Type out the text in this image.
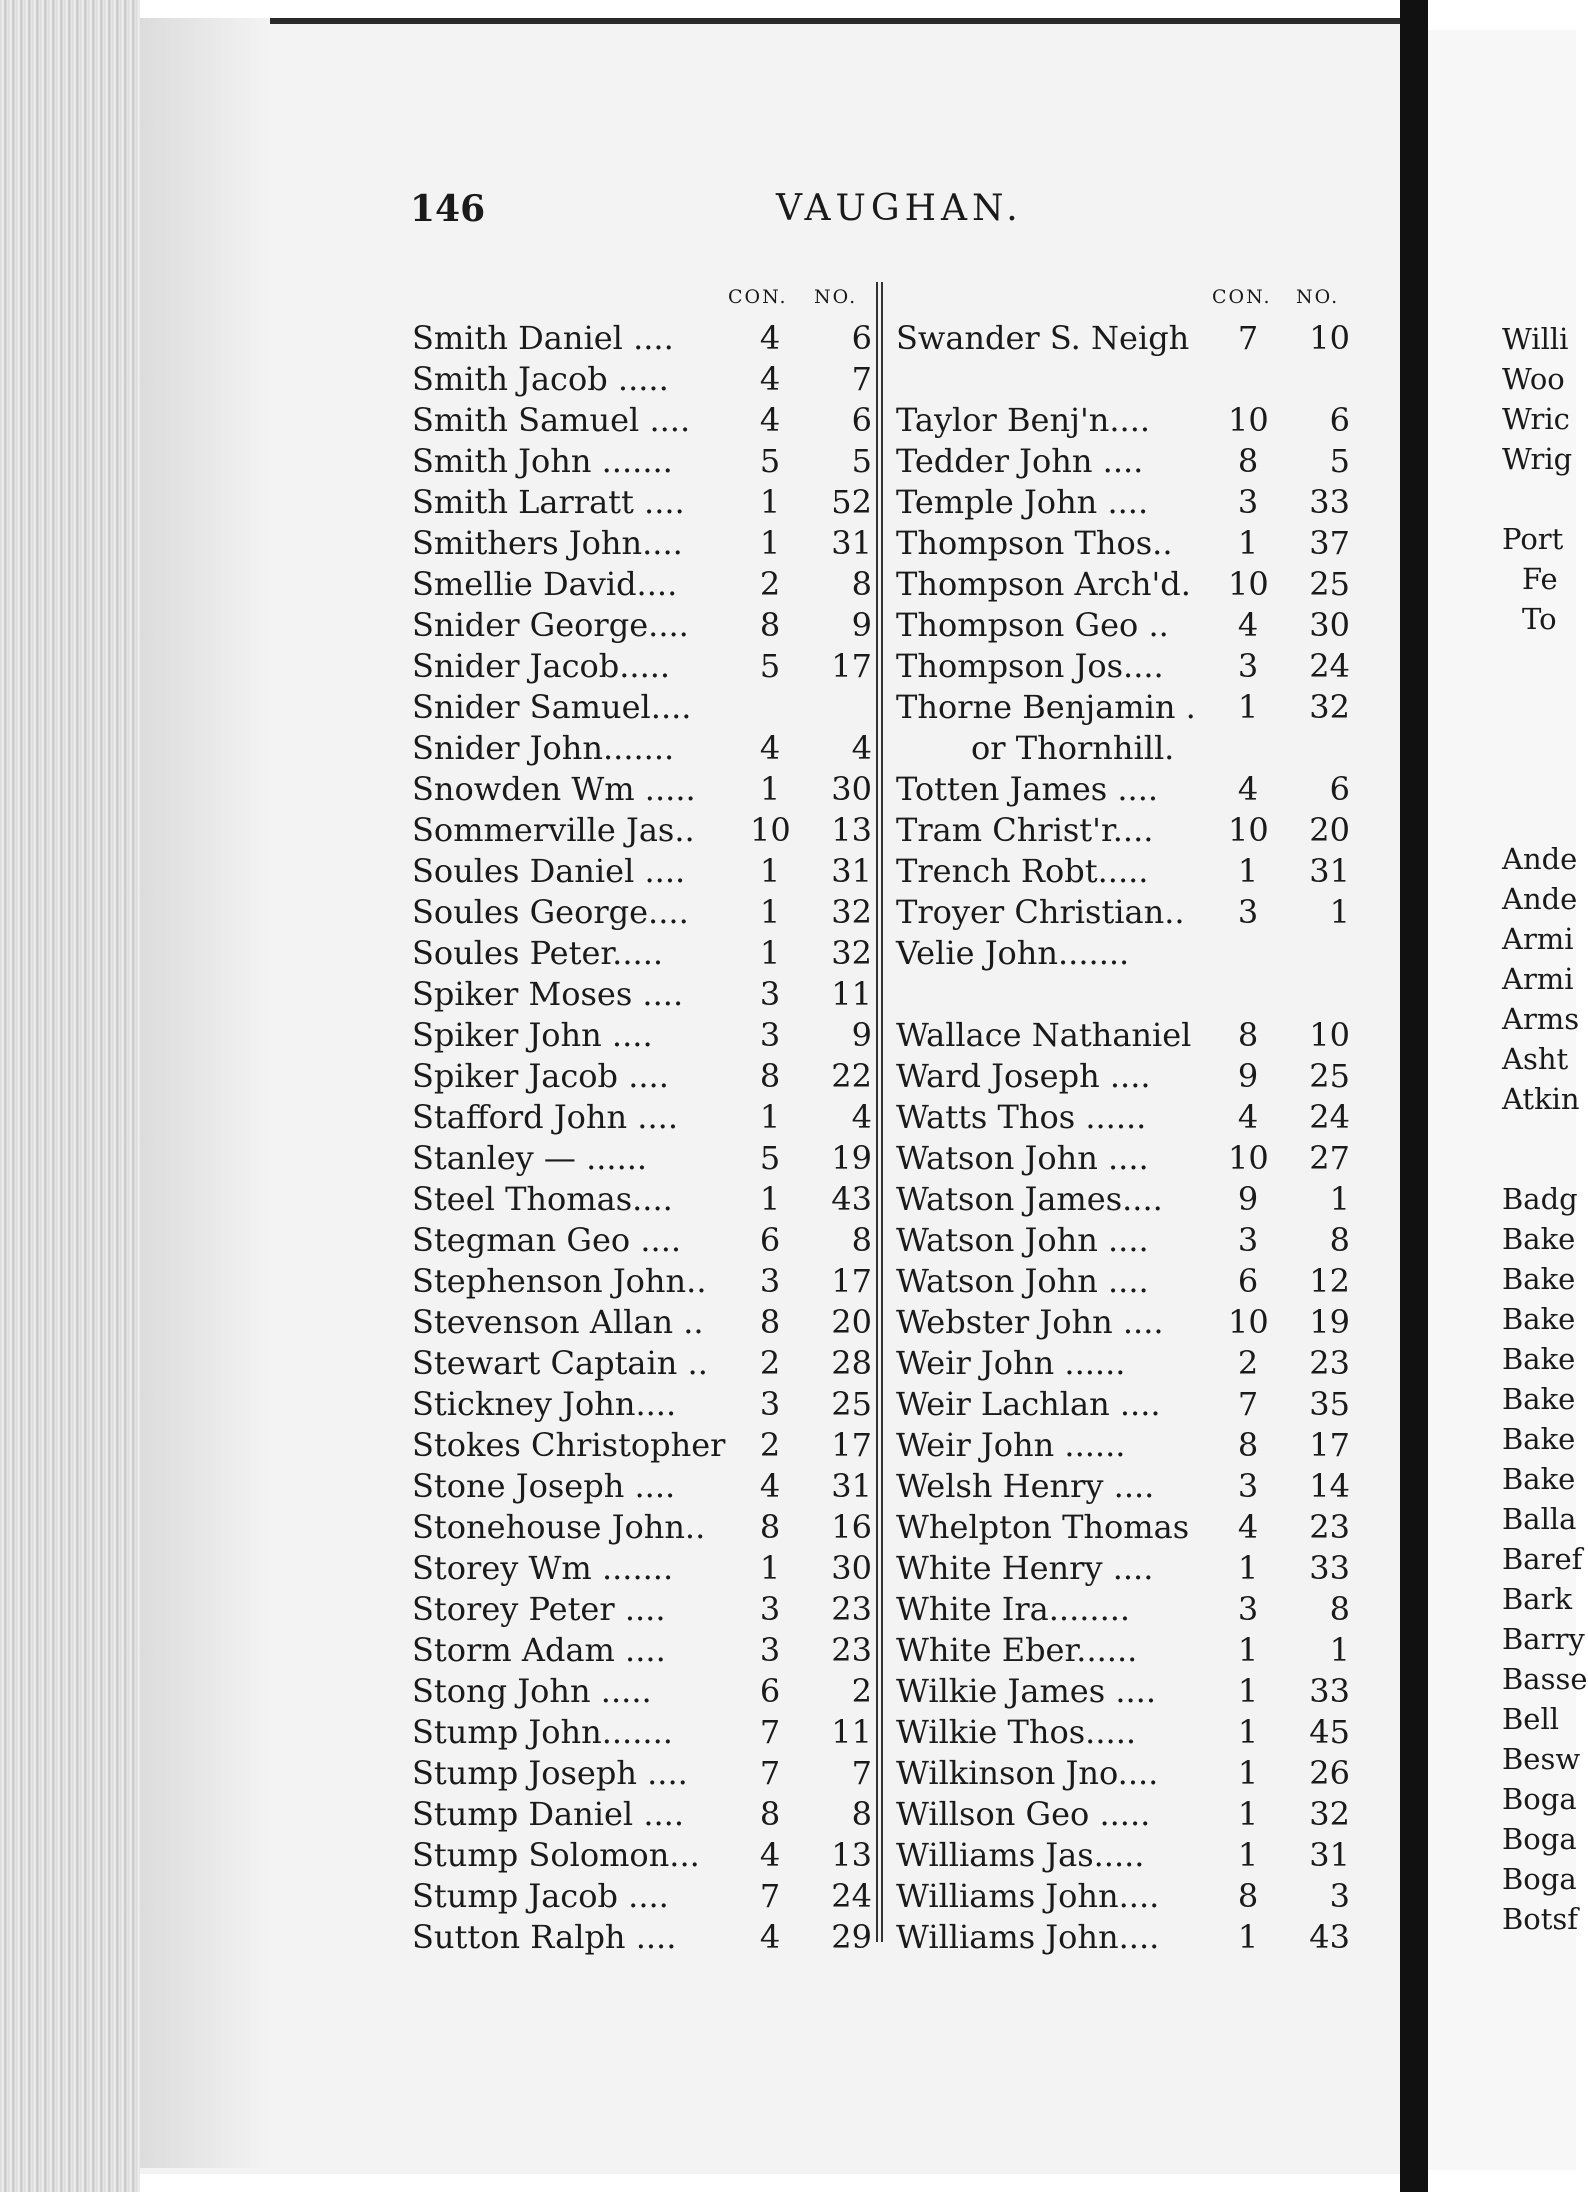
146	VAUGHAN.
CON. NO.	CON. NO.
Smith Daniel ....	4	6
Smith Jacob .....	4	7
Smith Samuel ....	4	6
Smith John .......	5	5
Smith Larratt ....	1	52
Smithers John....	1	31
Smellie David....	2	8
Snider George....	8	9
Snider Jacob.....	5	17
Snider Samuel....
Snider John.......	4	4
Snowden Wm .....	1	30
Sommerville Jas.. 10	13
Soules Daniel ....	1	31
Soules George....	1	32
Soules Peter.....	1	32
Spiker Moses ....	3	11
Spiker John ....	3	9
Spiker Jacob ....	8	22
Stafford John ....	1	4
Stanley — ......	5	19
Steel Thomas....	1	43
Stegman Geo ....	6	8
Stephenson John..	3	17
Stevenson Allan ..	8	20
Stewart Captain ..	2	28
Stickney John....	3	25
Stokes Christopher	2	17
Stone Joseph ....	4	31
Stonehouse John..	8	16
Storey Wm .......	1	30
Storey Peter ....	3	23
Storm Adam ....	3	23
Stong John .....	6	2
Stump John.......	7	11
Stump Joseph ....	7	7
Stump Daniel ....	8	8
Stump Solomon...	4	13
Stump Jacob ....	7	24
Sutton Ralph ....	4	29
Swander S. Neigh	7	10
Taylor Benj'n.... 10	6
Tedder John ....	8	5
Temple John ....	3	33
Thompson Thos..	1	37
Thompson Arch'd. 10	25
Thompson Geo ..	4	30
Thompson Jos....	3	24
Thorne Benjamin .	1	32
or Thornhill.
Totten James ....	4	6
Tram Christ'r.... 10	20
Trench Robt.....	1	31
Troyer Christian..	3	1
Velie John.......
Wallace Nathaniel	8	10
Ward Joseph ....	9	25
Watts Thos ......	4	24
Watson John .... 10	27
Watson James....	9	1
Watson John ....	3	8
Watson John ....	6	12
Webster John .... 10	19
Weir John ......	2	23
Weir Lachlan ....	7	35
Weir John ......	8	17
Welsh Henry ....	3	14
Whelpton Thomas	4	23
White Henry ....	1	33
White Ira........	3	8
White Eber......	1	1
Wilkie James ....	1	33
Wilkie Thos.....	1	45
Wilkinson Jno....	1	26
Willson Geo .....	1	32
Williams Jas.....	1	31
Williams John....	8	3
Williams John....	1	43
Willi
Woo
Wric
Wrig
Port
Fe
To
Ande
Ande
Armi
Armi
Arms
Asht
Atkin
Badg
Bake
Bake
Bake
Bake
Bake
Bake
Bake
Balla
Baref
Bark
Barry
Basse
Bell
Besw
Boga
Boga
Boga
Botsf
